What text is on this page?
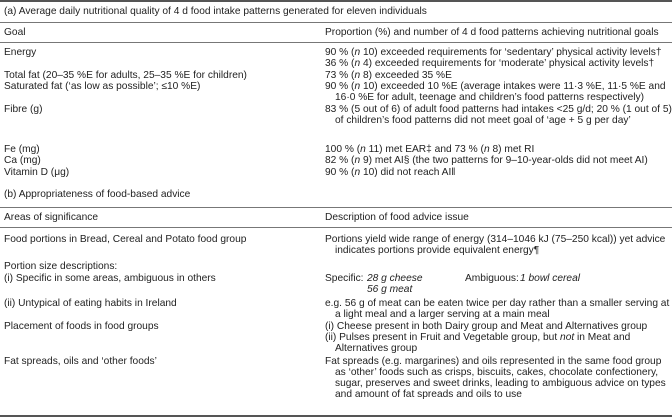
(a) Average daily nutritional quality of 4 d food intake patterns generated for eleven individuals
Goal	Proportion (%) and number of 4 d food patterns achieving nutritional goals
Energy	90 % (n 10) exceeded requirements for ‘sedentary’ physical activity levels†
36 % (n 4) exceeded requirements for ‘moderate’ physical activity levels†
Total fat (20–35 %E for adults, 25–35 %E for children)	73 % (n 8) exceeded 35 %E
Saturated fat (‘as low as possible’; ≤10 %E)	90 % (n 10) exceeded 10 %E (average intakes were 11·3 %E, 11·5 %E and
16·0 %E for adult, teenage and children’s food patterns respectively)
Fibre (g)	83 % (5 out of 6) of adult food patterns had intakes <25 g/d; 20 % (1 out of 5)
of children’s food patterns did not meet goal of ‘age + 5 g per day’
Fe (mg)	100 % (n 11) met EAR‡ and 73 % (n 8) met RI
Ca (mg)	82 % (n 9) met AI§ (the two patterns for 9–10-year-olds did not meet AI)
Vitamin D (μg)	90 % (n 10) did not reach AI‖
(b) Appropriateness of food-based advice
Areas of significance	Description of food advice issue
Food portions in Bread, Cereal and Potato food group	Portions yield wide range of energy (314–1046 kJ (75–250 kcal)) yet advice
indicates portions provide equivalent energy¶
Portion size descriptions:
(i) Specific in some areas, ambiguous in others	Specific: 28 g cheese
56 g meat
Ambiguous: 1 bowl cereal
(ii) Untypical of eating habits in Ireland	e.g. 56 g of meat can be eaten twice per day rather than a smaller serving at
a light meal and a larger serving at a main meal
Placement of foods in food groups	(i) Cheese present in both Dairy group and Meat and Alternatives group
(ii) Pulses present in Fruit and Vegetable group, but not in Meat and
Alternatives group
Fat spreads, oils and ‘other foods’	Fat spreads (e.g. margarines) and oils represented in the same food group
as ‘other’ foods such as crisps, biscuits, cakes, chocolate confectionery,
sugar, preserves and sweet drinks, leading to ambiguous advice on types
and amount of fat spreads and oils to use
